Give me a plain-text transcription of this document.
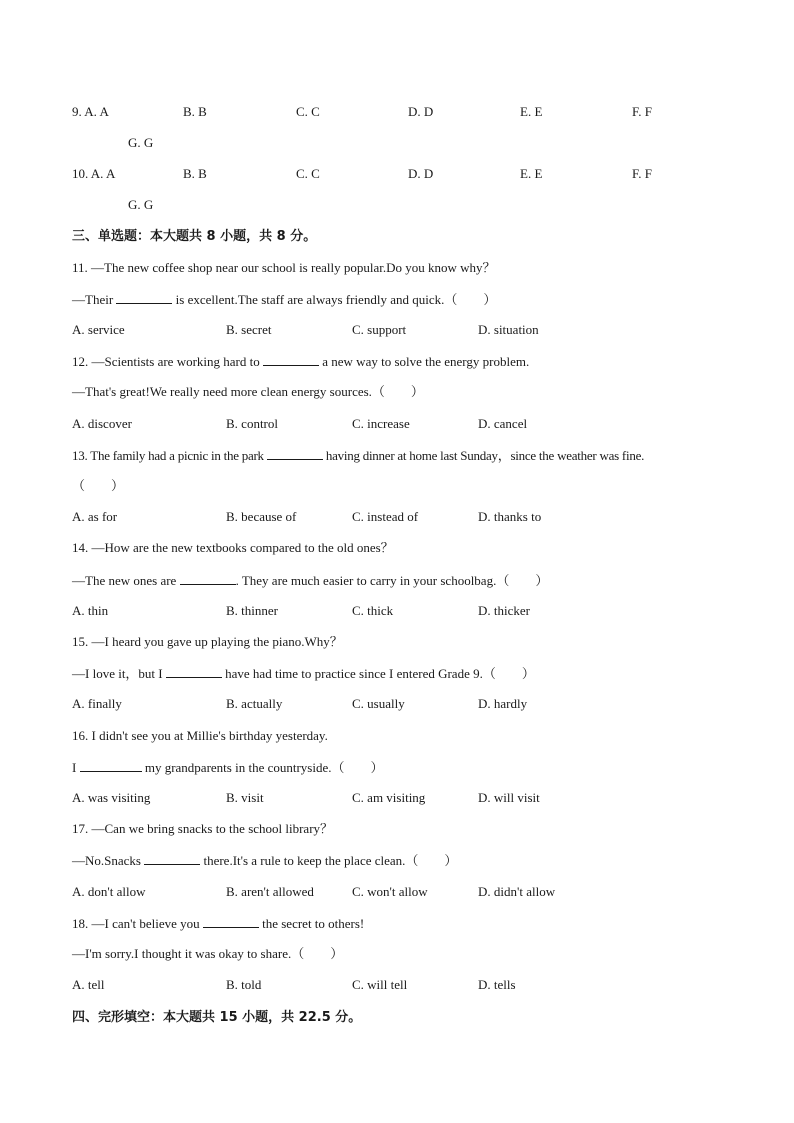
9. A. A	B. B	C. C	D. D	E. E	F. F
G. G
10. A. A	B. B	C. C	D. D	E. E	F. F
G. G
三、单选题：本大题共 8 小题，共 8 分。
11. —The new coffee shop near our school is really popular.Do you know why？
—Their	is excellent.The staff are always friendly and quick.（　　）
A. service	B. secret	C. support	D. situation
12. —Scientists are working hard to	a new way to solve the energy problem.
—That's great!We really need more clean energy sources.（　　）
A. discover	B. control	C. increase	D. cancel
13. The family had a picnic in the park	having dinner at home last Sunday，since the weather was fine.
（　　）
A. as for	B. because of	C. instead of	D. thanks to
14. —How are the new textbooks compared to the old ones？
—The new ones are	. They are much easier to carry in your schoolbag.（　　）
A. thin	B. thinner	C. thick	D. thicker
15. —I heard you gave up playing the piano.Why？
—I love it，but I	have had time to practice since I entered Grade 9.（　　）
A. finally	B. actually	C. usually	D. hardly
16. I didn't see you at Millie's birthday yesterday.
I	my grandparents in the countryside.（　　）
A. was visiting	B. visit	C. am visiting	D. will visit
17. —Can we bring snacks to the school library？
—No.Snacks	there.It's a rule to keep the place clean.（　　）
A. don't allow	B. aren't allowed	C. won't allow	D. didn't allow
18. —I can't believe you	the secret to others!
—I'm sorry.I thought it was okay to share.（　　）
A. tell	B. told	C. will tell	D. tells
四、完形填空：本大题共 15 小题，共 22.5 分。
